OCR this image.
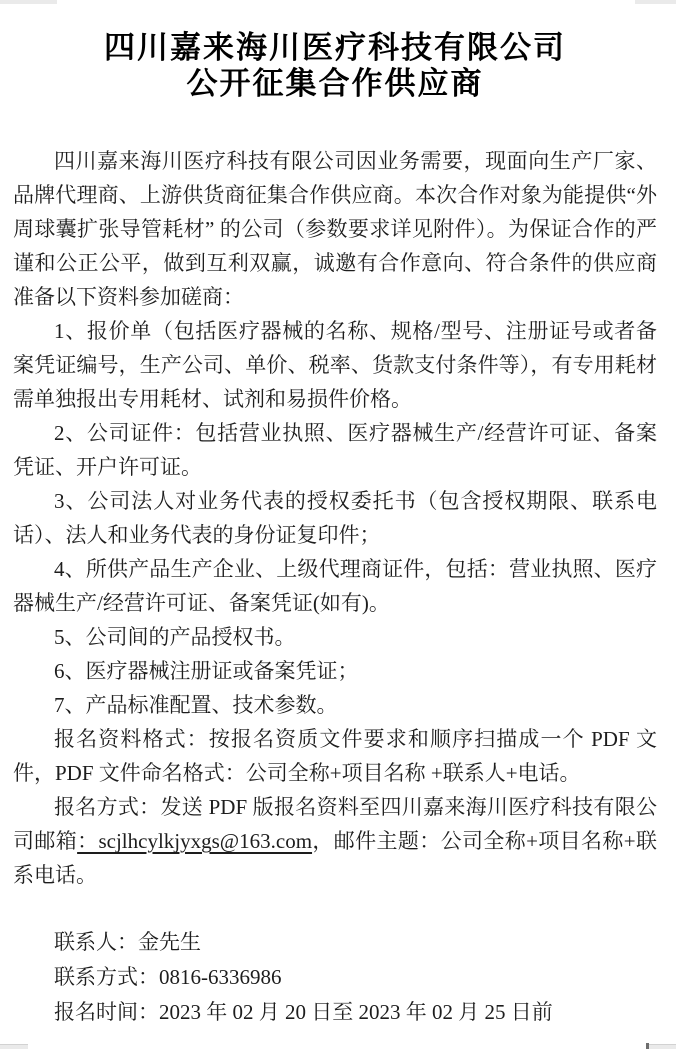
四川嘉来海川医疗科技有限公司
公开征集合作供应商

四川嘉来海川医疗科技有限公司因业务需要，现面向生产厂家、品牌代理商、上游供货商征集合作供应商。本次合作对象为能提供“外周球囊扩张导管耗材” 的公司（参数要求详见附件）。为保证合作的严谨和公正公平，做到互利双赢，诚邀有合作意向、符合条件的供应商准备以下资料参加磋商：

1、报价单（包括医疗器械的名称、规格/型号、注册证号或者备案凭证编号，生产公司、单价、税率、货款支付条件等），有专用耗材需单独报出专用耗材、试剂和易损件价格。

2、公司证件：包括营业执照、医疗器械生产/经营许可证、备案凭证、开户许可证。

3、公司法人对业务代表的授权委托书（包含授权期限、联系电话）、法人和业务代表的身份证复印件；

4、所供产品生产企业、上级代理商证件，包括：营业执照、医疗器械生产/经营许可证、备案凭证(如有)。

5、公司间的产品授权书。

6、医疗器械注册证或备案凭证；

7、产品标准配置、技术参数。

报名资料格式：按报名资质文件要求和顺序扫描成一个 PDF 文件，PDF 文件命名格式：公司全称+项目名称 +联系人+电话。

报名方式：发送 PDF 版报名资料至四川嘉来海川医疗科技有限公司邮箱：scjlhcylkjyxgs@163.com，邮件主题：公司全称+项目名称+联系电话。

联系人：金先生

联系方式：0816-6336986

报名时间：2023 年 02 月 20 日至 2023 年 02 月 25 日前
